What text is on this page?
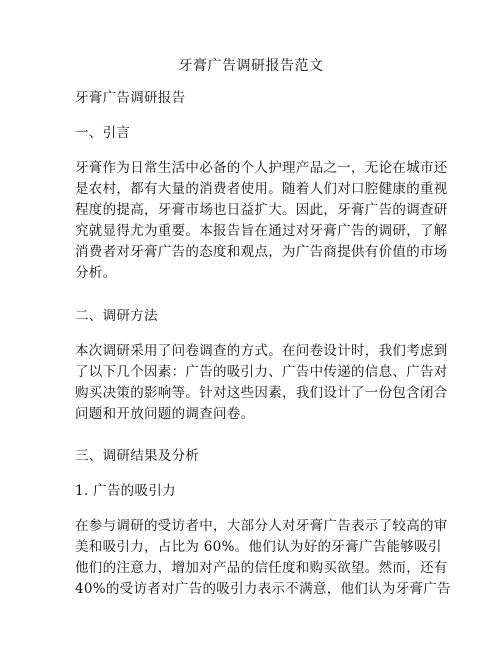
牙膏广告调研报告范文
牙膏广告调研报告
一、引言
牙膏作为日常生活中必备的个人护理产品之一，无论在城市还
是农村，都有大量的消费者使用。随着人们对口腔健康的重视
程度的提高，牙膏市场也日益扩大。因此，牙膏广告的调查研
究就显得尤为重要。本报告旨在通过对牙膏广告的调研，了解
消费者对牙膏广告的态度和观点，为广告商提供有价值的市场
分析。
二、调研方法
本次调研采用了问卷调查的方式。在问卷设计时，我们考虑到
了以下几个因素：广告的吸引力、广告中传递的信息、广告对
购买决策的影响等。针对这些因素，我们设计了一份包含闭合
问题和开放问题的调查问卷。
三、调研结果及分析
1. 广告的吸引力
在参与调研的受访者中，大部分人对牙膏广告表示了较高的审
美和吸引力，占比为 60%。他们认为好的牙膏广告能够吸引
他们的注意力，增加对产品的信任度和购买欲望。然而，还有
40%的受访者对广告的吸引力表示不满意，他们认为牙膏广告
